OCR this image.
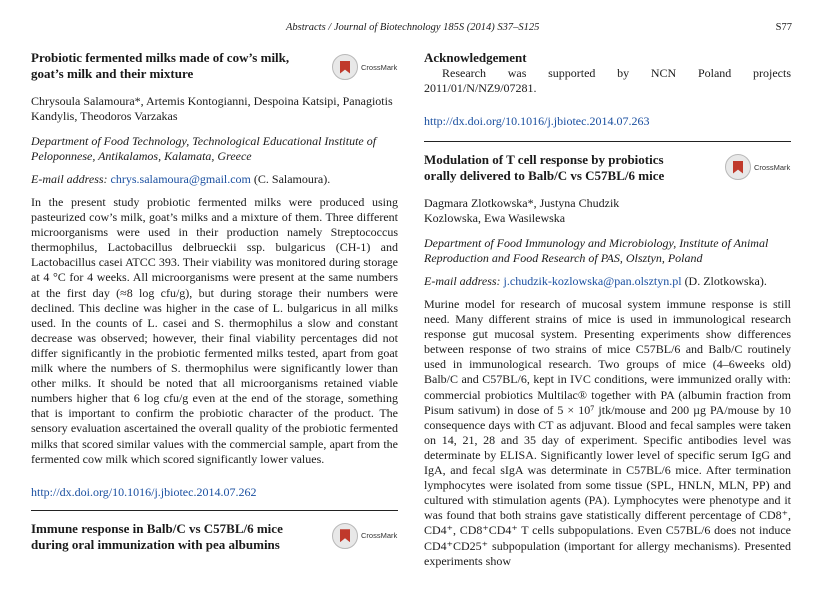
Abstracts / Journal of Biotechnology 185S (2014) S37–S125	S77
Probiotic fermented milks made of cow’s milk, goat’s milk and their mixture	CrossMark
Chrysoula Salamoura*, Artemis Kontogianni, Despoina Katsipi, Panagiotis Kandylis, Theodoros Varzakas
Department of Food Technology, Technological Educational Institute of Peloponnese, Antikalamos, Kalamata, Greece
E-mail address: chrys.salamoura@gmail.com (C. Salamoura).
In the present study probiotic fermented milks were produced using pasteurized cow’s milk, goat’s milks and a mixture of them. Three different microorganisms were used in their production namely Streptococcus thermophilus, Lactobacillus delbrueckii ssp. bulgaricus (CH-1) and Lactobacillus casei ATCC 393. Their viability was monitored during storage at 4 °C for 4 weeks. All microorganisms were present at the same numbers at the first day (≈8 log cfu/g), but during storage their numbers were declined. This decline was higher in the case of L. bulgaricus in all milks used. In the counts of L. casei and S. thermophilus a slow and constant decrease was observed; however, their final viability percentages did not differ significantly in the probiotic fermented milks tested, apart from goat milk where the numbers of S. thermophilus were significantly lower than other milks. It should be noted that all microorganisms retained viable numbers higher that 6 log cfu/g even at the end of the storage, something that is important to confirm the probiotic character of the product. The sensory evaluation ascertained the overall quality of the probiotic fermented milks that scored similar values with the commercial sample, apart from the fermented cow milk which scored significantly lower values.
http://dx.doi.org/10.1016/j.jbiotec.2014.07.262
Immune response in Balb/C vs C57BL/6 mice during oral immunization with pea albumins
CrossMark
Acknowledgement
Research was supported by NCN Poland projects 2011/01/N/NZ9/07281.
http://dx.doi.org/10.1016/j.jbiotec.2014.07.263
Modulation of T cell response by probiotics orally delivered to Balb/C vs C57BL/6 mice
CrossMark
Dagmara Zlotkowska*, Justyna Chudzik Kozlowska, Ewa Wasilewska
Department of Food Immunology and Microbiology, Institute of Animal Reproduction and Food Research of PAS, Olsztyn, Poland
E-mail address: j.chudzik-kozlowska@pan.olsztyn.pl (D. Zlotkowska).
Murine model for research of mucosal system immune response is still need. Many different strains of mice is used in immunological research response gut mucosal system. Presenting experiments show differences between response of two strains of mice C57BL/6 and Balb/C routinely used in immunological research. Two groups of mice (4–6weeks old) Balb/C and C57BL/6, kept in IVC conditions, were immunized orally with: commercial probiotics Multilac® together with PA (albumin fraction from Pisum sativum) in dose of 5 × 10⁷ jtk/mouse and 200 µg PA/mouse by 10 consequence days with CT as adjuvant. Blood and fecal samples were taken on 14, 21, 28 and 35 day of experiment. Specific antibodies level was determinate by ELISA. Significantly lower level of specific serum IgG and IgA, and fecal sIgA was determinate in C57BL/6 mice. After termination lymphocytes were isolated from some tissue (SPL, HNLN, MLN, PP) and cultured with stimulation agents (PA). Lymphocytes were phenotype and it was found that both strains gave statistically different percentage of CD8⁺, CD4⁺, CD8⁺CD4⁺ T cells subpopulations. Even C57BL/6 does not induce CD4⁺CD25⁺ subpopulation (important for allergy mechanisms). Presented experiments show
